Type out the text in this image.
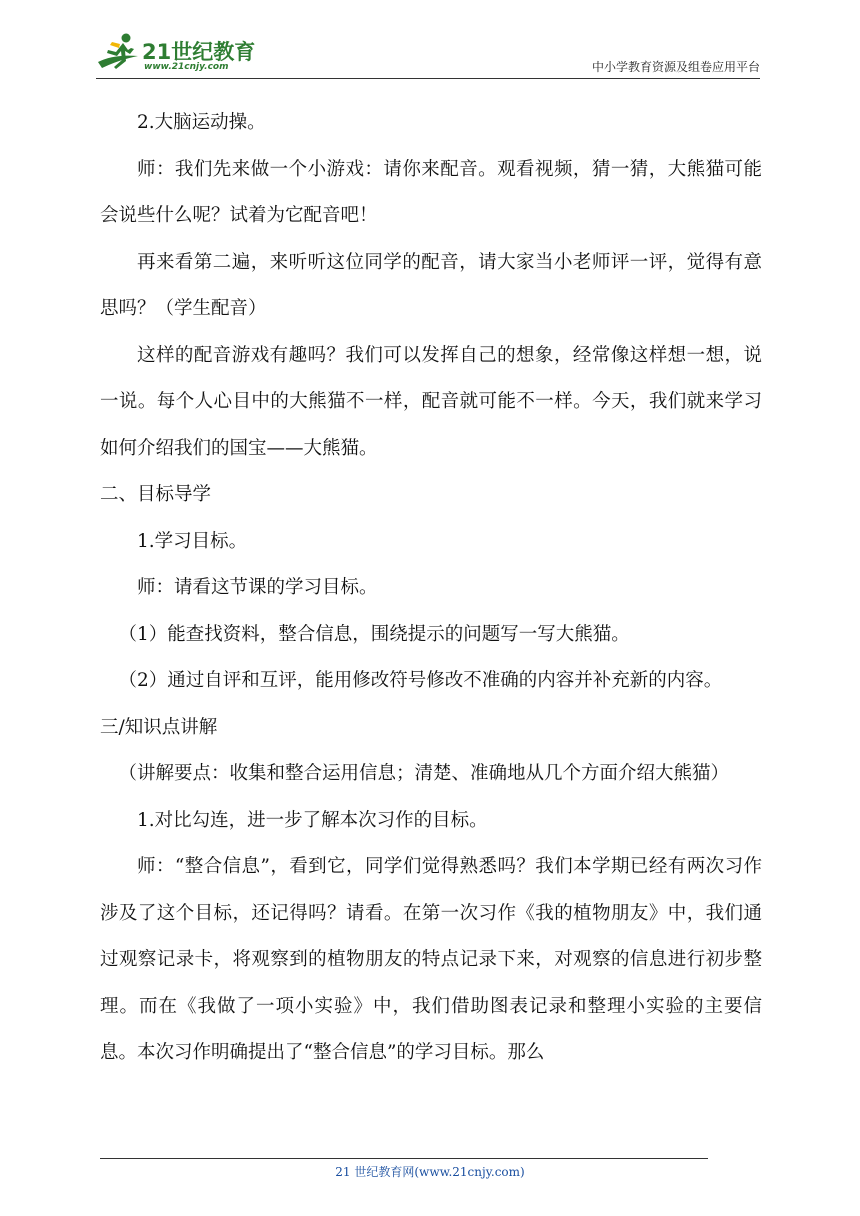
21世纪教育
www.21cnjy.com	中小学教育资源及组卷应用平台

2.大脑运动操。

师：我们先来做一个小游戏：请你来配音。观看视频，猜一猜，大熊猫可能会说些什么呢？试着为它配音吧！

再来看第二遍，来听听这位同学的配音，请大家当小老师评一评，觉得有意思吗？（学生配音）

这样的配音游戏有趣吗？我们可以发挥自己的想象，经常像这样想一想，说一说。每个人心目中的大熊猫不一样，配音就可能不一样。今天，我们就来学习如何介绍我们的国宝——大熊猫。

二、目标导学

1.学习目标。

师：请看这节课的学习目标。

（1）能查找资料，整合信息，围绕提示的问题写一写大熊猫。

（2）通过自评和互评，能用修改符号修改不准确的内容并补充新的内容。

三/知识点讲解

（讲解要点：收集和整合运用信息；清楚、准确地从几个方面介绍大熊猫）

1.对比勾连，进一步了解本次习作的目标。

师：“整合信息”，看到它，同学们觉得熟悉吗？我们本学期已经有两次习作涉及了这个目标，还记得吗？请看。在第一次习作《我的植物朋友》中，我们通过观察记录卡，将观察到的植物朋友的特点记录下来，对观察的信息进行初步整理。而在《我做了一项小实验》中，我们借助图表记录和整理小实验的主要信息。本次习作明确提出了“整合信息”的学习目标。那么

21 世纪教育网(www.21cnjy.com)
